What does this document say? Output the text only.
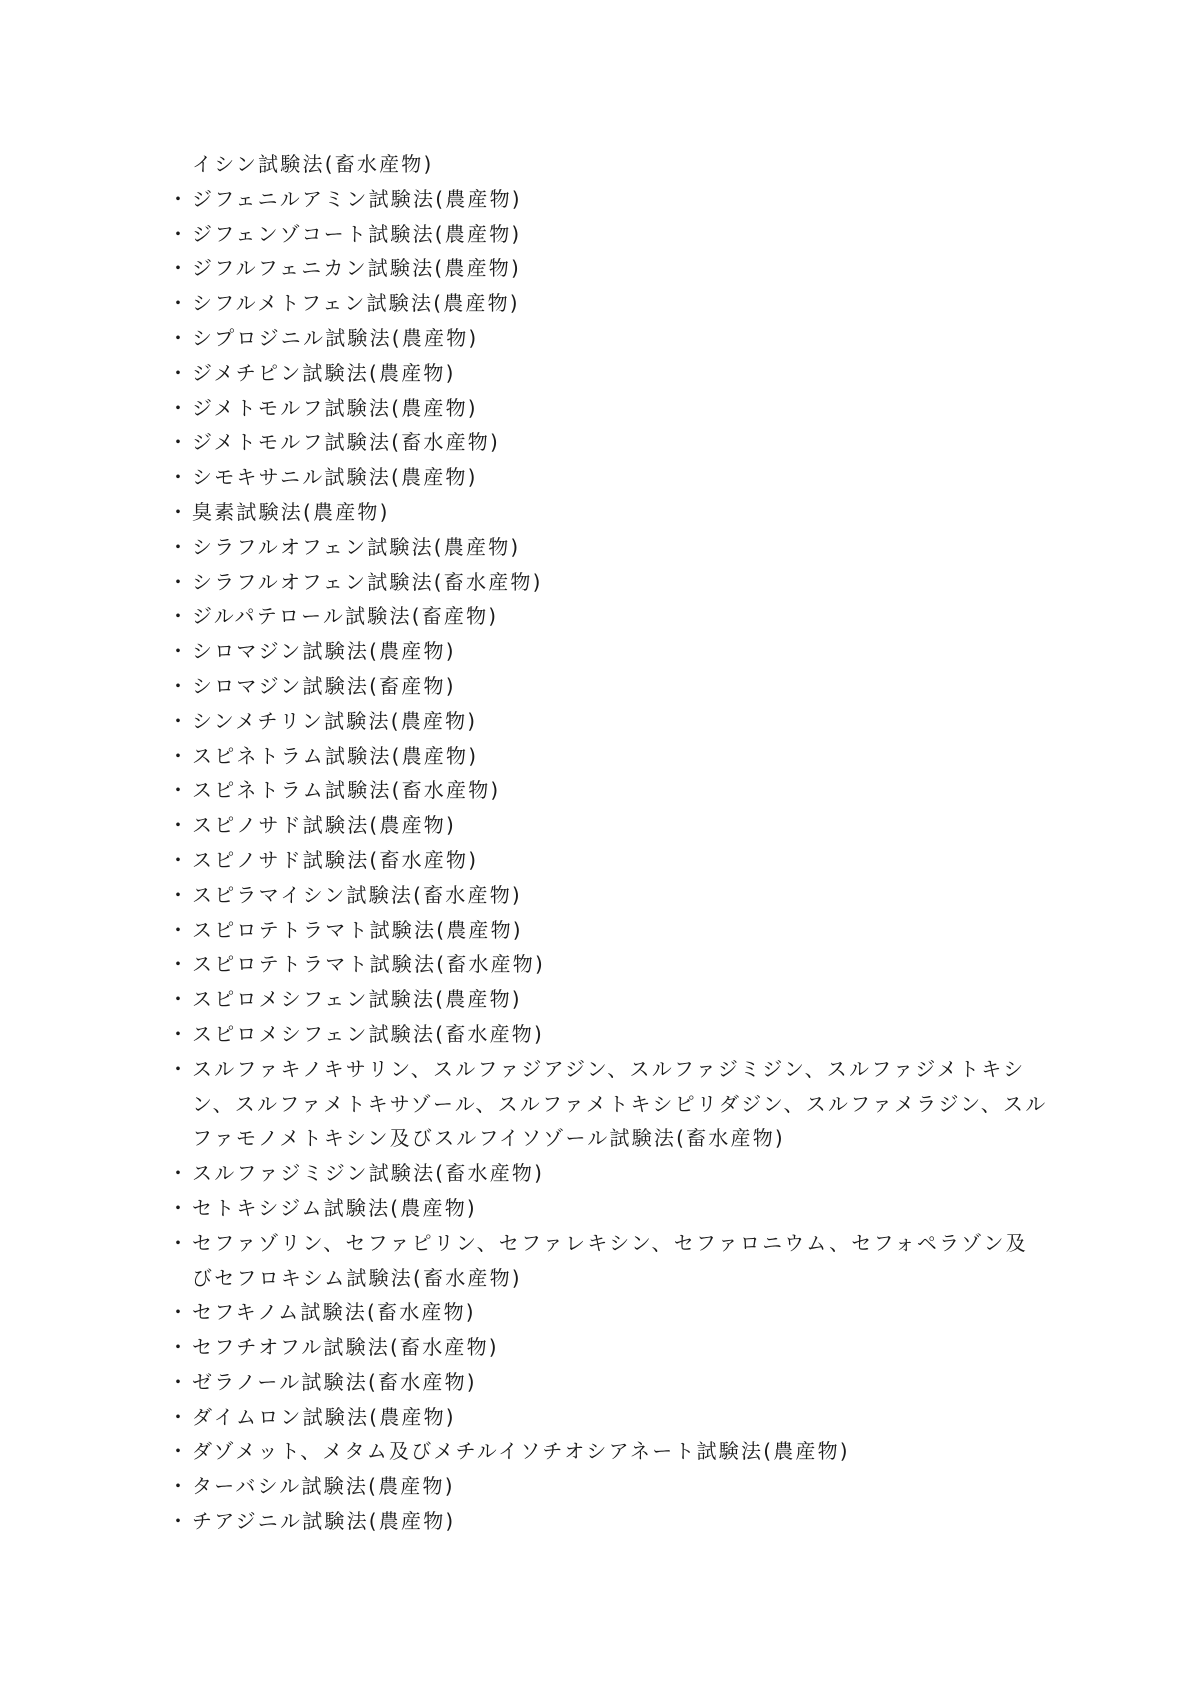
イシン試験法(畜水産物)
・ ジフェニルアミン試験法(農産物)
・ ジフェンゾコート試験法(農産物)
・ ジフルフェニカン試験法(農産物)
・ シフルメトフェン試験法(農産物)
・ シプロジニル試験法(農産物)
・ ジメチピン試験法(農産物)
・ ジメトモルフ試験法(農産物)
・ ジメトモルフ試験法(畜水産物)
・ シモキサニル試験法(農産物)
・ 臭素試験法(農産物)
・ シラフルオフェン試験法(農産物)
・ シラフルオフェン試験法(畜水産物)
・ ジルパテロール試験法(畜産物)
・ シロマジン試験法(農産物)
・ シロマジン試験法(畜産物)
・ シンメチリン試験法(農産物)
・ スピネトラム試験法(農産物)
・ スピネトラム試験法(畜水産物)
・ スピノサド試験法(農産物)
・ スピノサド試験法(畜水産物)
・ スピラマイシン試験法(畜水産物)
・ スピロテトラマト試験法(農産物)
・ スピロテトラマト試験法(畜水産物)
・ スピロメシフェン試験法(農産物)
・ スピロメシフェン試験法(畜水産物)
・ スルファキノキサリン、スルファジアジン、スルファジミジン、スルファジメトキシン、スルファメトキサゾール、スルファメトキシピリダジン、スルファメラジン、スルファモノメトキシン及びスルフイソゾール試験法(畜水産物)
・ スルファジミジン試験法(畜水産物)
・ セトキシジム試験法(農産物)
・ セファゾリン、セファピリン、セファレキシン、セファロニウム、セフォペラゾン及びセフロキシム試験法(畜水産物)
・ セフキノム試験法(畜水産物)
・ セフチオフル試験法(畜水産物)
・ ゼラノール試験法(畜水産物)
・ ダイムロン試験法(農産物)
・ ダゾメット、メタム及びメチルイソチオシアネート試験法(農産物)
・ ターバシル試験法(農産物)
・ チアジニル試験法(農産物)
